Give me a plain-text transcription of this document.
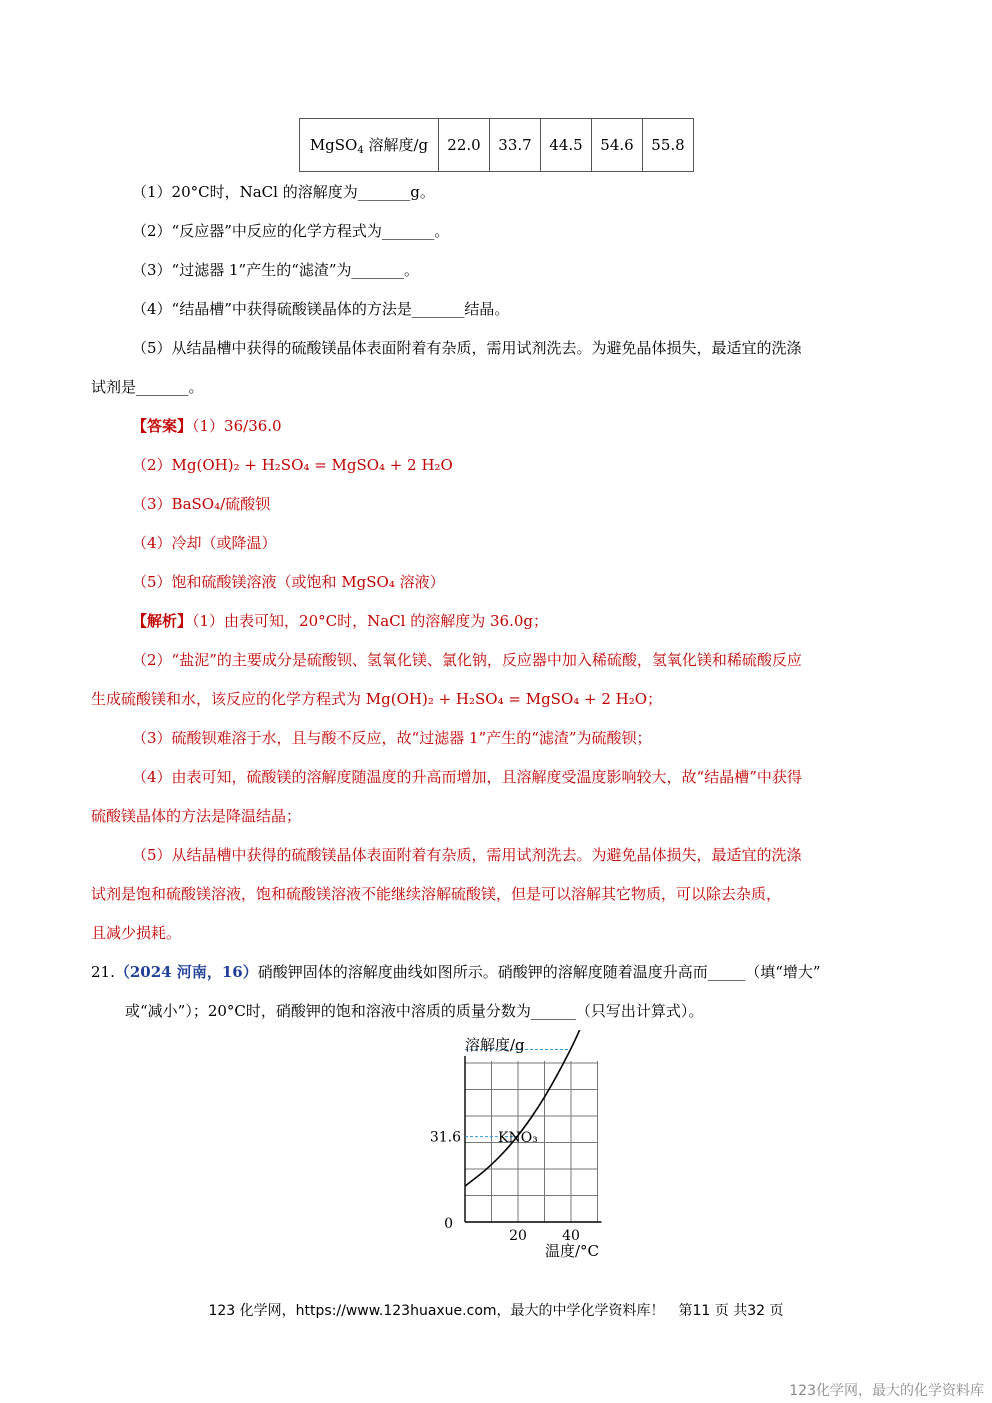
MgSO$_4$ 溶解度/g	22.0	33.7	44.5	54.6	55.8
（1）20°C时，NaCl 的溶解度为_______g。
（2）“反应器”中反应的化学方程式为_______。
（3）“过滤器 1”产生的“滤渣”为_______。
（4）“结晶槽”中获得硫酸镁晶体的方法是_______结晶。
（5）从结晶槽中获得的硫酸镁晶体表面附着有杂质，需用试剂洗去。为避免晶体损失，最适宜的洗涤
试剂是_______。
【答案】（1）36/36.0
（2）Mg(OH)₂ + H₂SO₄ = MgSO₄ + 2 H₂O
（3）BaSO₄/硫酸钡
（4）冷却（或降温）
（5）饱和硫酸镁溶液（或饱和 MgSO₄ 溶液）
【解析】（1）由表可知，20°C时，NaCl 的溶解度为 36.0g；
（2）“盐泥”的主要成分是硫酸钡、氢氧化镁、氯化钠，反应器中加入稀硫酸，氢氧化镁和稀硫酸反应
生成硫酸镁和水，该反应的化学方程式为 Mg(OH)₂ + H₂SO₄ = MgSO₄ + 2 H₂O；
（3）硫酸钡难溶于水，且与酸不反应，故“过滤器 1”产生的“滤渣”为硫酸钡；
（4）由表可知，硫酸镁的溶解度随温度的升高而增加，且溶解度受温度影响较大，故“结晶槽”中获得
硫酸镁晶体的方法是降温结晶；
（5）从结晶槽中获得的硫酸镁晶体表面附着有杂质，需用试剂洗去。为避免晶体损失，最适宜的洗涤
试剂是饱和硫酸镁溶液，饱和硫酸镁溶液不能继续溶解硫酸镁，但是可以溶解其它物质，可以除去杂质，
且减少损耗。
21.（2024 河南，16）硝酸钾固体的溶解度曲线如图所示。硝酸钾的溶解度随着温度升高而_____（填“增大”
或“减小”）；20°C时，硝酸钾的饱和溶液中溶质的质量分数为______（只写出计算式）。
溶解度/g
温度/°C
KNO₃
0
20	40
31.6
123 化学网，https://www.123huaxue.com，最大的中学化学资料库！　第11 页 共32 页
123化学网，最大的化学资料库
